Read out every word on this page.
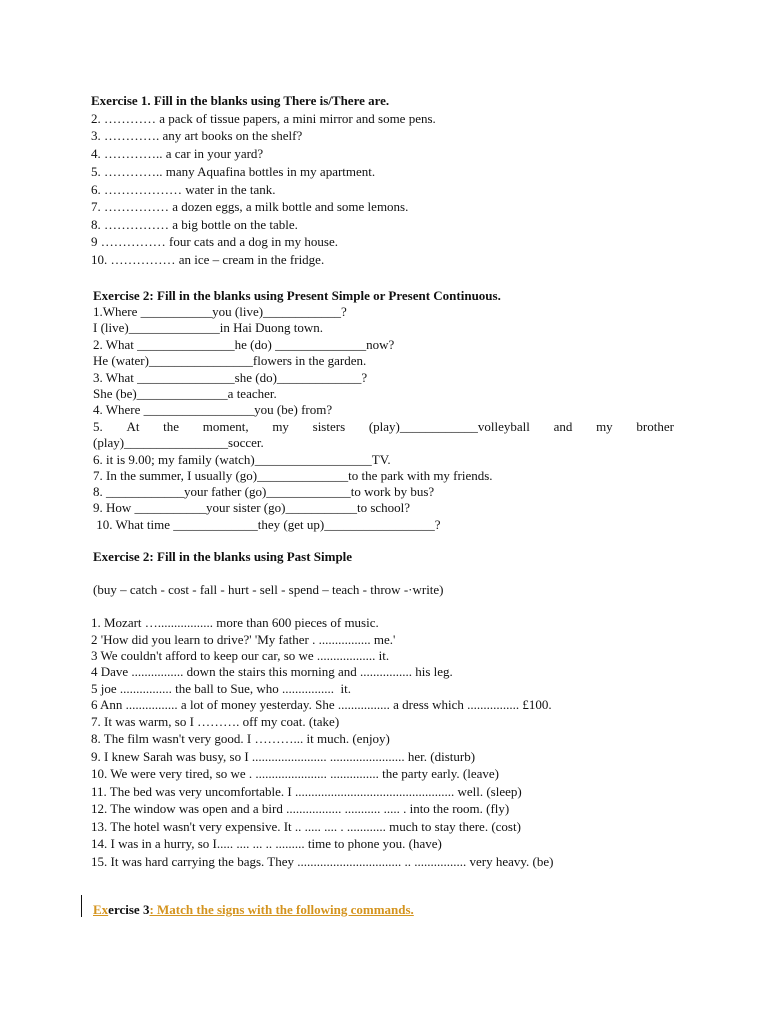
Exercise 1. Fill in the blanks using There is/There are.
2. ………… a pack of tissue papers, a mini mirror and some pens.
3. …………. any art books on the shelf?
4. ………….. a car in your yard?
5. ………….. many Aquafina bottles in my apartment.
6. ……………… water in the tank.
7. …………… a dozen eggs, a milk bottle and some lemons.
8. …………… a big bottle on the table.
9 …………… four cats and a dog in my house.
10. …………… an ice – cream in the fridge.
Exercise 2: Fill in the blanks using Present Simple or Present Continuous.
1.Where ___________you (live)____________?
I (live)______________in Hai Duong town.
2. What _______________he (do) ______________now?
He (water)________________flowers in the garden.
3. What _______________she (do)_____________?
She (be)______________a teacher.
4. Where _________________you (be) from?
5. At the moment, my sisters (play)____________volleyball and my brother
(play)________________soccer.
6. it is 9.00; my family (watch)__________________TV.
7. In the summer, I usually (go)______________to the park with my friends.
8. ____________your father (go)_____________to work by bus?
9. How ___________your sister (go)___________to school?
10. What time _____________they (get up)_________________?
Exercise 2: Fill in the blanks using Past Simple
(buy – catch - cost - fall - hurt - sell - spend – teach - throw -·write)
1. Mozart …................. more than 600 pieces of music.
2 'How did you learn to drive?' 'My father . ................ me.'
3 We couldn't afford to keep our car, so we .................. it.
4 Dave ................ down the stairs this morning and ................ his leg.
5 joe ................ the ball to Sue, who ................  it.
6 Ann ................ a lot of money yesterday. She ................ a dress which ................ £100.
7. It was warm, so I ………. off my coat. (take)
8. The film wasn't very good. I ………... it much. (enjoy)
9. I knew Sarah was busy, so I ....................... ....................... her. (disturb)
10. We were very tired, so we . ...................... ............... the party early. (leave)
11. The bed was very uncomfortable. I ................................................. well. (sleep)
12. The window was open and a bird ................. ........... ..... . into the room. (fly)
13. The hotel wasn't very expensive. It .. ..... .... . ............ much to stay there. (cost)
14. I was in a hurry, so I..... .... ... .. ......... time to phone you. (have)
15. It was hard carrying the bags. They ................................ .. ................ very heavy. (be)
Exercise 3: Match the signs with the following commands.
